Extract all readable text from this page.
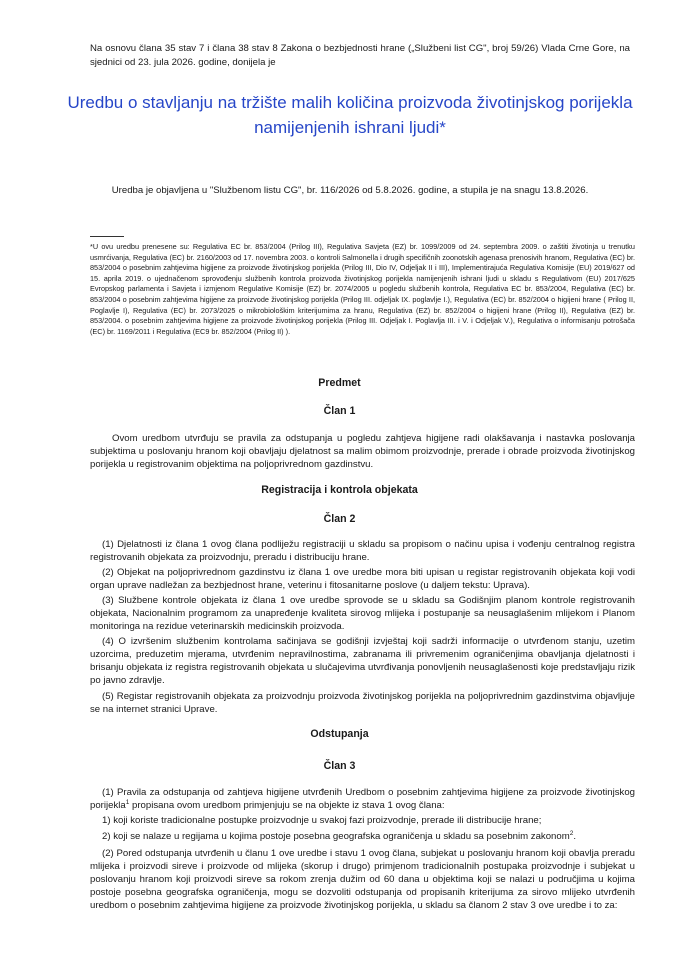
Na osnovu člana 35 stav 7 i člana 38 stav 8 Zakona o bezbjednosti hrane („Službeni list CG", broj 59/26) Vlada Crne Gore, na sjednici od 23. jula 2026. godine, donijela je
Uredbu o stavljanju na tržište malih količina proizvoda životinjskog porijekla namijenjenih ishrani ljudi*
Uredba je objavljena u "Službenom listu CG", br. 116/2026 od 5.8.2026. godine, a stupila je na snagu 13.8.2026.
*U ovu uredbu prenesene su: Regulativa EC br. 853/2004 (Prilog III), Regulativa Savjeta (EZ) br. 1099/2009 od 24. septembra 2009. o zaštiti životinja u trenutku usmrćivanja, Regulativa (EC) br. 2160/2003 od 17. novembra 2003. o kontroli Salmonella i drugih specifičnih zoonotskih agenasa prenosivih hranom, Regulativa (EC) br. 853/2004 o posebnim zahtjevima higijene za proizvode životinjskog porijekla (Prilog III, Dio IV, Odjeljak II i III), Implementirajuća Regulativa Komisije (EU) 2019/627 od 15. aprila 2019. o ujednačenom sprovođenju službenih kontrola proizvoda životinjskog porijekla namijenjenih ishrani ljudi u skladu s Regulativom (EU) 2017/625 Evropskog parlamenta i Savjeta i izmjenom Regulative Komisije (EZ) br. 2074/2005 u pogledu službenih kontrola, Regulativa EC br. 853/2004, Regulativa (EC) br. 853/2004 o posebnim zahtjevima higijene za proizvode životinjskog porijekla (Prilog III. odjeljak IX. poglavlje I.), Regulativa (EC) br. 852/2004 o higijeni hrane ( Prilog II, Poglavlje I), Regulativa (EC) br. 2073/2025 o mikrobiološkim kriterijumima za hranu, Regulativa (EZ) br. 852/2004 o higijeni hrane (Prilog II), Regulativa (EZ) br. 853/2004. o posebnim zahtjevima higijene za proizvode životinjskog porijekla (Prilog III. Odjeljak I. Poglavlja III. i V. i Odjeljak V.), Regulativa o informisanju potrošača (EC) br. 1169/2011 i Regulativa (EC9 br. 852/2004 (Prilog II) ).
Predmet
Član 1
Ovom uredbom utvrđuju se pravila za odstupanja u pogledu zahtjeva higijene radi olakšavanja i nastavka poslovanja subjektima u poslovanju hranom koji obavljaju djelatnost sa malim obimom proizvodnje, prerade i obrade proizvoda životinjskog porijekla u registrovanim objektima na poljoprivrednom gazdinstvu.
Registracija i kontrola objekata
Član 2
(1) Djelatnosti iz člana 1 ovog člana podliježu registraciji u skladu sa propisom o načinu upisa i vođenju centralnog registra registrovanih objekata za proizvodnju, preradu i distribuciju hrane.
(2) Objekat na poljoprivrednom gazdinstvu iz člana 1 ove uredbe mora biti upisan u registar registrovanih objekata koji vodi organ uprave nadležan za bezbjednost hrane, veterinu i fitosanitarne poslove (u daljem tekstu: Uprava).
(3) Službene kontrole objekata iz člana 1 ove uredbe sprovode se u skladu sa Godišnjim planom kontrole registrovanih objekata, Nacionalnim programom za unapređenje kvaliteta sirovog mlijeka i postupanje sa neusaglašenim mlijekom i Planom monitoringa na rezidue veterinarskih medicinskih proizvoda.
(4) O izvršenim službenim kontrolama sačinjava se godišnji izvještaj koji sadrži informacije o utvrđenom stanju, uzetim uzorcima, preduzetim mjerama, utvrđenim nepravilnostima, zabranama ili privremenim ograničenjima obavljanja djelatnosti i brisanju objekata iz registra registrovanih objekata u slučajevima utvrđivanja ponovljenih neusaglašenosti koje predstavljaju rizik po javno zdravlje.
(5) Registar registrovanih objekata za proizvodnju proizvoda životinjskog porijekla na poljoprivrednim gazdinstvima objavljuje se na internet stranici Uprave.
Odstupanja
Član 3
(1) Pravila za odstupanja od zahtjeva higijene utvrđenih Uredbom o posebnim zahtjevima higijene za proizvode životinjskog porijekla$^1$ propisana ovom uredbom primjenjuju se na objekte iz stava 1 ovog člana:
1) koji koriste tradicionalne postupke proizvodnje u svakoj fazi proizvodnje, prerade ili distribucije hrane;
2) koji se nalaze u regijama u kojima postoje posebna geografska ograničenja u skladu sa posebnim zakonom$^2$.
(2) Pored odstupanja utvrđenih u članu 1 ove uredbe i stavu 1 ovog člana, subjekat u poslovanju hranom koji obavlja preradu mlijeka i proizvodi sireve i proizvode od mlijeka (skorup i drugo) primjenom tradicionalnih postupaka proizvodnje i subjekat u poslovanju hranom koji proizvodi sireve sa rokom zrenja dužim od 60 dana u objektima koji se nalazi u područjima u kojima postoje posebna geografska ograničenja, mogu se dozvoliti odstupanja od propisanih kriterijuma za sirovo mlijeko utvrđenih uredbom o posebnim zahtjevima higijene za proizvode životinjskog porijekla, u skladu sa članom 2 stav 3 ove uredbe i to za:
